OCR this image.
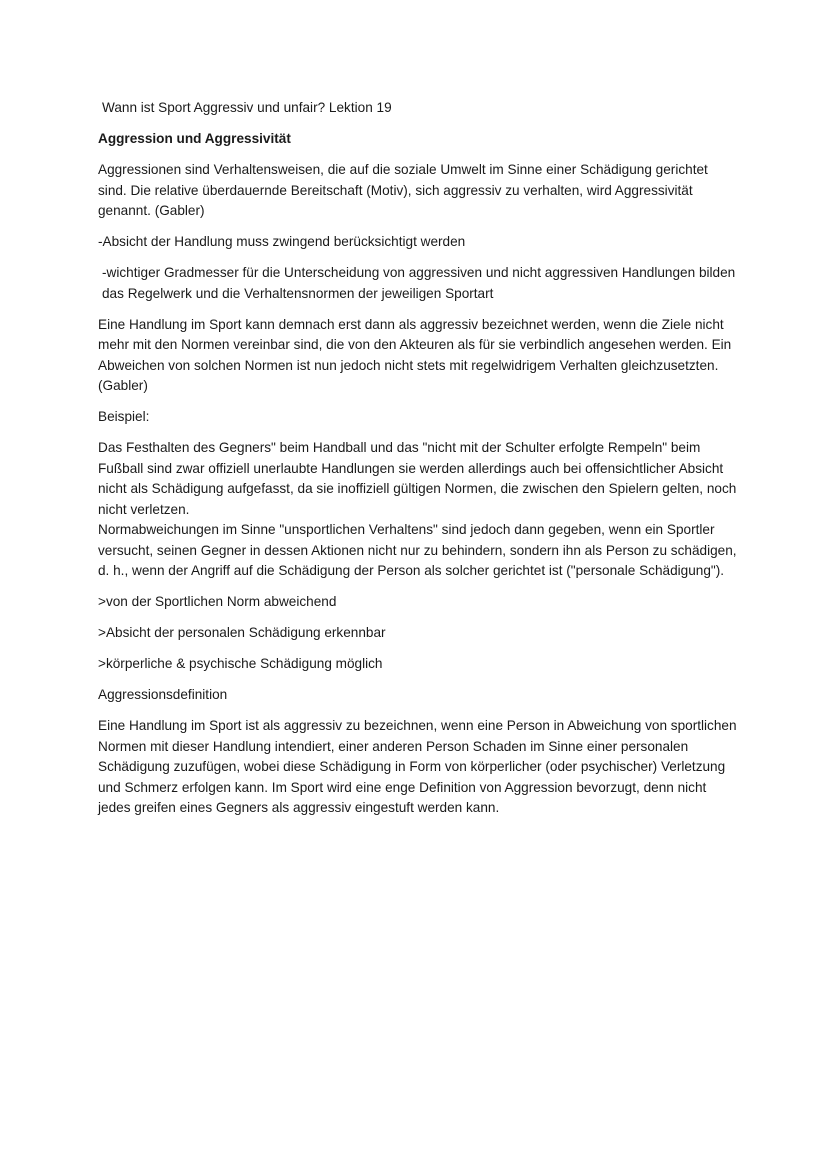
Wann ist Sport Aggressiv und unfair? Lektion 19

Aggression und Aggressivität

Aggressionen sind Verhaltensweisen, die auf die soziale Umwelt im Sinne einer Schädigung gerichtet sind. Die relative überdauernde Bereitschaft (Motiv), sich aggressiv zu verhalten, wird Aggressivität genannt. (Gabler)

-Absicht der Handlung muss zwingend berücksichtigt werden

-wichtiger Gradmesser für die Unterscheidung von aggressiven und nicht aggressiven Handlungen bilden das Regelwerk und die Verhaltensnormen der jeweiligen Sportart

Eine Handlung im Sport kann demnach erst dann als aggressiv bezeichnet werden, wenn die Ziele nicht mehr mit den Normen vereinbar sind, die von den Akteuren als für sie verbindlich angesehen werden. Ein Abweichen von solchen Normen ist nun jedoch nicht stets mit regelwidrigem Verhalten gleichzusetzten. (Gabler)

Beispiel:

Das Festhalten des Gegners" beim Handball und das "nicht mit der Schulter erfolgte Rempeln" beim Fußball sind zwar offiziell unerlaubte Handlungen sie werden allerdings auch bei offensichtlicher Absicht nicht als Schädigung aufgefasst, da sie inoffiziell gültigen Normen, die zwischen den Spielern gelten, noch nicht verletzen.

Normabweichungen im Sinne "unsportlichen Verhaltens" sind jedoch dann gegeben, wenn ein Sportler versucht, seinen Gegner in dessen Aktionen nicht nur zu behindern, sondern ihn als Person zu schädigen, d. h., wenn der Angriff auf die Schädigung der Person als solcher gerichtet ist ("personale Schädigung").

>von der Sportlichen Norm abweichend

>Absicht der personalen Schädigung erkennbar

>körperliche & psychische Schädigung möglich

Aggressionsdefinition

Eine Handlung im Sport ist als aggressiv zu bezeichnen, wenn eine Person in Abweichung von sportlichen Normen mit dieser Handlung intendiert, einer anderen Person Schaden im Sinne einer personalen Schädigung zuzufügen, wobei diese Schädigung in Form von körperlicher (oder psychischer) Verletzung und Schmerz erfolgen kann. Im Sport wird eine enge Definition von Aggression bevorzugt, denn nicht jedes greifen eines Gegners als aggressiv eingestuft werden kann.
